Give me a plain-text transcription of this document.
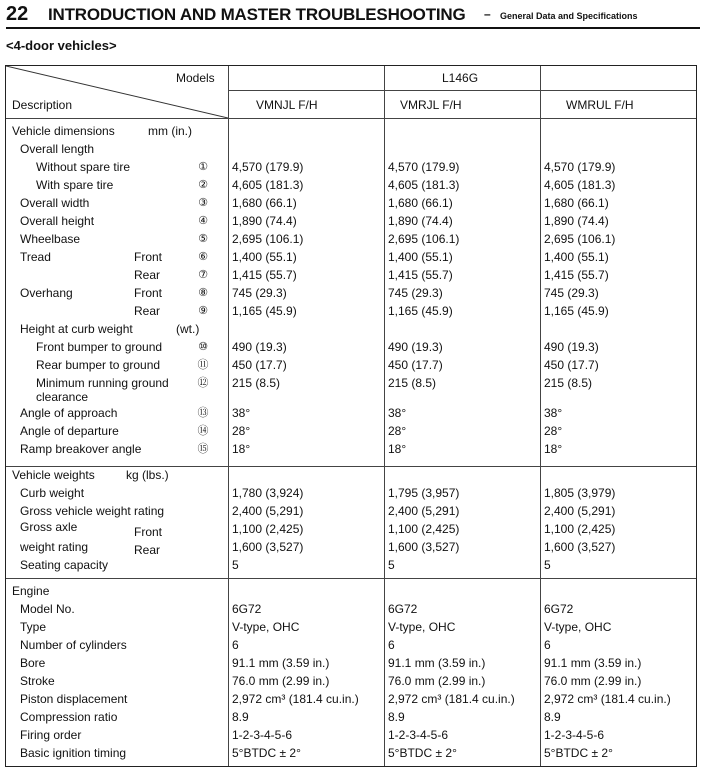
22 INTRODUCTION AND MASTER TROUBLESHOOTING – General Data and Specifications
<4-door vehicles>
Models	L146G
Description	VMNJL F/H	VMRJL F/H	WMRUL F/H
Vehicle dimensions	mm (in.)
Vehicle weights	kg (lbs.)
Engine
Overall length
Without spare tire	① 4,570 (179.9)	4,570 (179.9)	4,570 (179.9)
With spare tire	② 4,605 (181.3)	4,605 (181.3)	4,605 (181.3)
Overall width	③ 1,680 (66.1)	1,680 (66.1)	1,680 (66.1)
Overall height	④ 1,890 (74.4)	1,890 (74.4)	1,890 (74.4)
Wheelbase	⑤ 2,695 (106.1)	2,695 (106.1)	2,695 (106.1)
Tread	Front	⑥ 1,400 (55.1)	1,400 (55.1)	1,400 (55.1)
Rear	⑦ 1,415 (55.7)	1,415 (55.7)	1,415 (55.7)
Overhang	Front	⑧ 745 (29.3)	745 (29.3)	745 (29.3)
Rear	⑨ 1,165 (45.9)	1,165 (45.9)	1,165 (45.9)
Height at curb weight	(wt.)
Front bumper to ground	⑩ 490 (19.3)	490 (19.3)	490 (19.3)
Rear bumper to ground	⑪ 450 (17.7)	450 (17.7)	450 (17.7)
Minimum running ground
clearance
⑫ 215 (8.5)	215 (8.5)	215 (8.5)
Angle of approach	⑬ 38°	38°	38°
Angle of departure	⑭ 28°	28°	28°
Ramp breakover angle	⑮ 18°	18°	18°
Curb weight	1,780 (3,924)	1,795 (3,957)	1,805 (3,979)
Gross vehicle weight rating	2,400 (5,291)	2,400 (5,291)	2,400 (5,291)
Gross axle	Front	1,100 (2,425)	1,100 (2,425)	1,100 (2,425)
weight rating	Rear	1,600 (3,527)	1,600 (3,527)	1,600 (3,527)
Seating capacity	5	5	5
Model No.	6G72	6G72	6G72
Type	V-type, OHC	V-type, OHC	V-type, OHC
Number of cylinders	6	6	6
Bore	91.1 mm (3.59 in.)	91.1 mm (3.59 in.)	91.1 mm (3.59 in.)
Stroke	76.0 mm (2.99 in.)	76.0 mm (2.99 in.)	76.0 mm (2.99 in.)
Piston displacement	2,972 cm³ (181.4 cu.in.) 2,972 cm³ (181.4 cu.in.) 2,972 cm³ (181.4 cu.in.)
Compression ratio	8.9	8.9	8.9
Firing order	1-2-3-4-5-6	1-2-3-4-5-6	1-2-3-4-5-6
Basic ignition timing	5°BTDC ± 2°	5°BTDC ± 2°	5°BTDC ± 2°
